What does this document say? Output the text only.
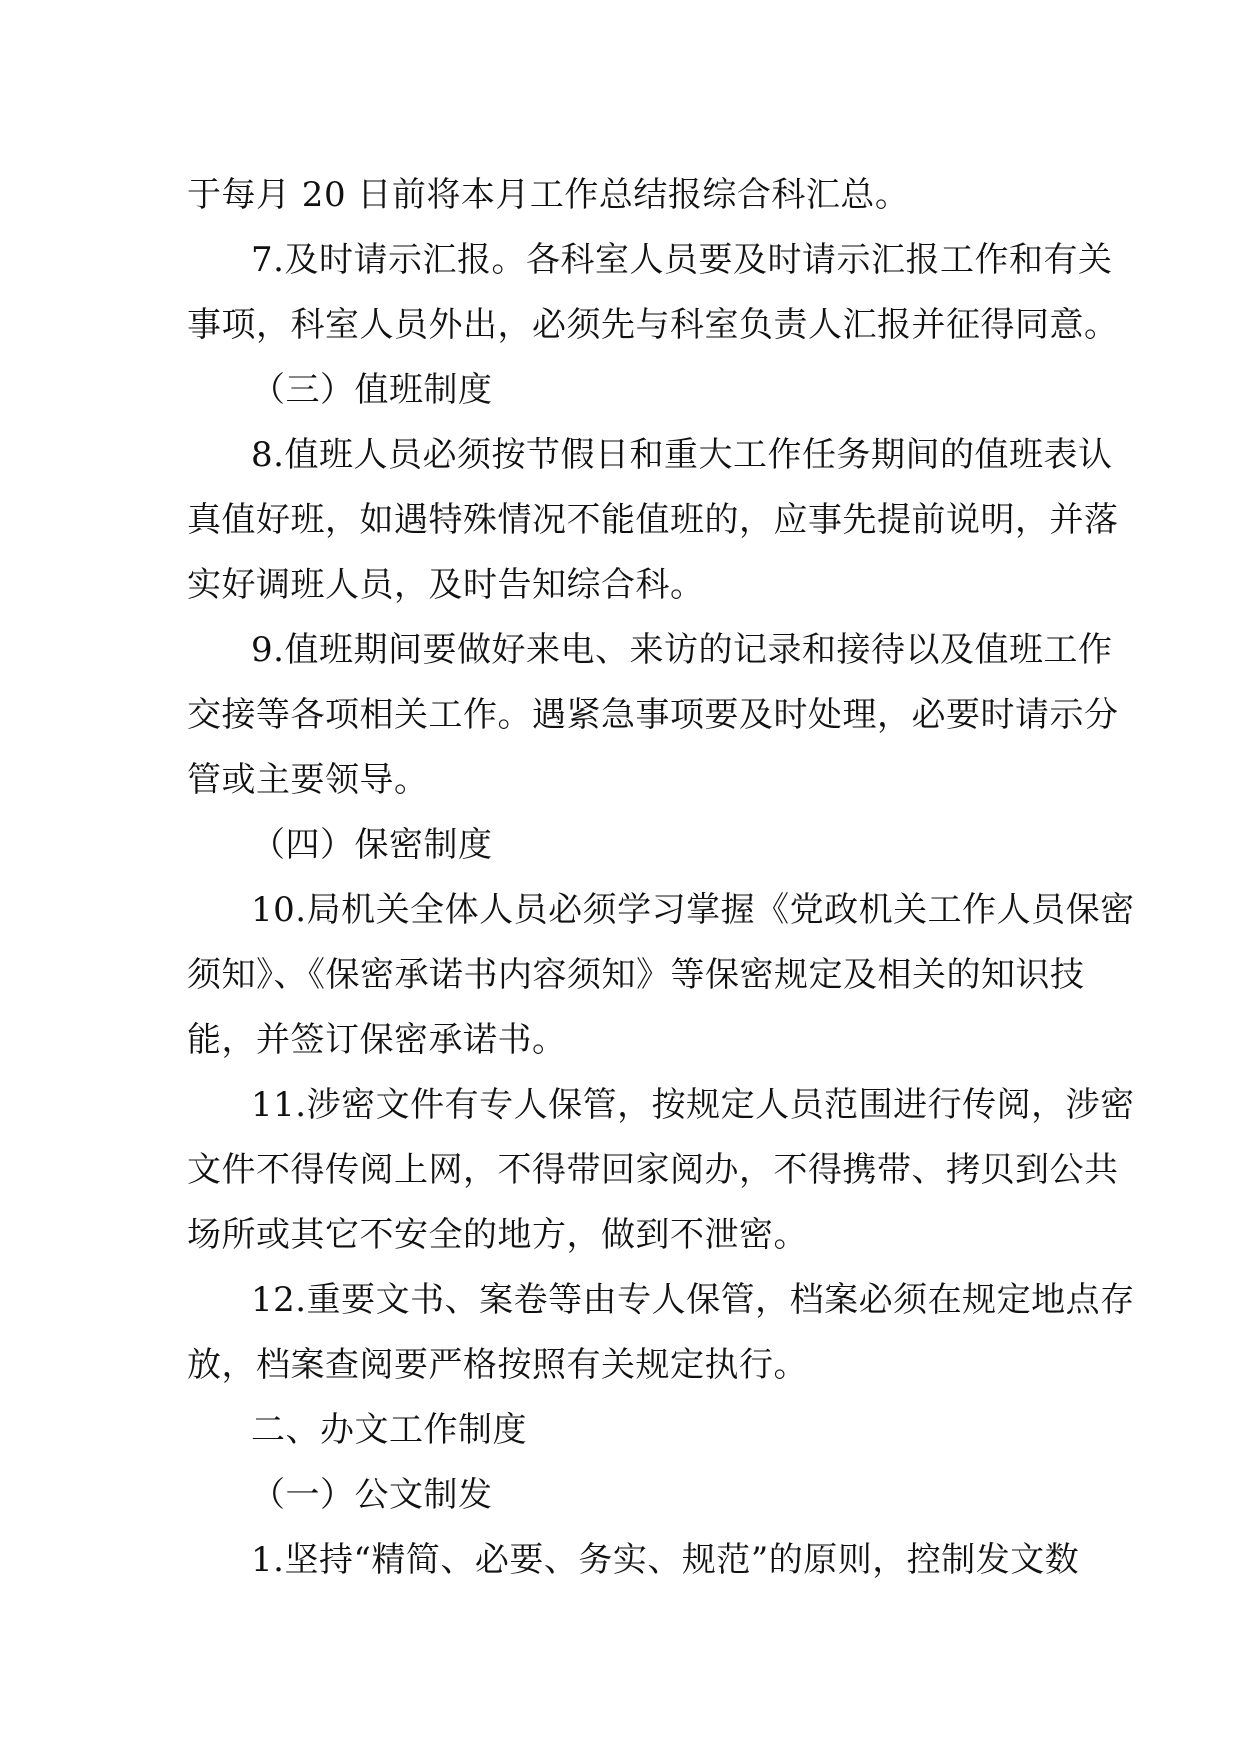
于每月 20 日前将本月工作总结报综合科汇总。
7.及时请示汇报。各科室人员要及时请示汇报工作和有关
事项，科室人员外出，必须先与科室负责人汇报并征得同意。
（三）值班制度
8.值班人员必须按节假日和重大工作任务期间的值班表认
真值好班，如遇特殊情况不能值班的，应事先提前说明，并落
实好调班人员，及时告知综合科。
9.值班期间要做好来电、来访的记录和接待以及值班工作
交接等各项相关工作。遇紧急事项要及时处理，必要时请示分
管或主要领导。
（四）保密制度
10.局机关全体人员必须学习掌握《党政机关工作人员保密
须知》、《保密承诺书内容须知》等保密规定及相关的知识技
能，并签订保密承诺书。
11.涉密文件有专人保管，按规定人员范围进行传阅，涉密
文件不得传阅上网，不得带回家阅办，不得携带、拷贝到公共
场所或其它不安全的地方，做到不泄密。
12.重要文书、案卷等由专人保管，档案必须在规定地点存
放，档案查阅要严格按照有关规定执行。
二、办文工作制度
（一）公文制发
1.坚持“精简、必要、务实、规范”的原则，控制发文数
